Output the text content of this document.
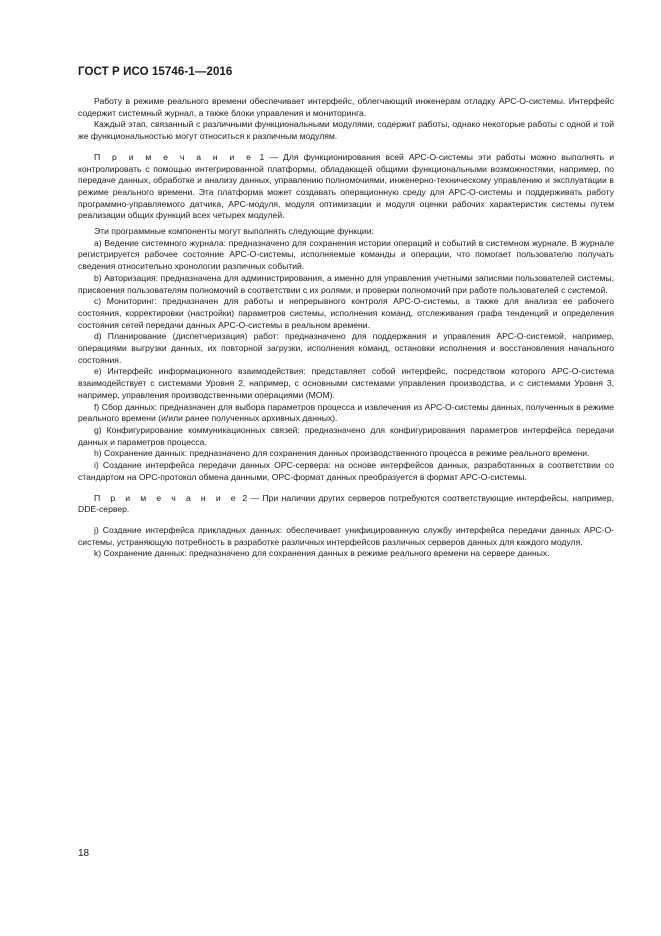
ГОСТ Р ИСО 15746-1—2016

Работу в режиме реального времени обеспечивает интерфейс, облегчающий инженерам отладку АРС-О-системы. Интерфейс содержит системный журнал, а также блоки управления и мониторинга.

Каждый этап, связанный с различными функциональными модулями, содержит работы, однако некоторые работы с одной и той же функциональностью могут относиться к различным модулям.

П р и м е ч а н и е 1 — Для функционирования всей АРС-О-системы эти работы можно выполнять и контролировать с помощью интегрированной платформы, обладающей общими функциональными возможностями, например, по передаче данных, обработке и анализу данных, управлению полномочиями, инженерно-техническому управлению и эксплуатации в режиме реального времени. Эта платформа может создавать операционную среду для АРС-О-системы и поддерживать работу программно-управляемого датчика, АРС-модуля, модуля оптимизации и модуля оценки рабочих характеристик системы путем реализации общих функций всех четырех модулей.

Эти программные компоненты могут выполнять следующие функции:

a) Ведение системного журнала: предназначено для сохранения истории операций и событий в системном журнале. В журнале регистрируется рабочее состояние АРС-О-системы, исполняемые команды и операции, что помогает пользователю получать сведения относительно хронологии различных событий.

b) Авторизация: предназначена для администрирования, а именно для управления учетными записями пользователей системы, присвоения пользователям полномочий в соответствии с их ролями, и проверки полномочий при работе пользователей с системой.

c) Мониторинг: предназначен для работы и непрерывного контроля АРС-О-системы, а также для анализа ее рабочего состояния, корректировки (настройки) параметров системы, исполнения команд, отслеживания графа тенденций и определения состояния сетей передачи данных АРС-О-системы в реальном времени.

d) Планирование (диспетчеризация) работ: предназначено для поддержания и управления АРС-О-системой, например, операциями выгрузки данных, их повторной загрузки, исполнения команд, остановки исполнения и восстановления начального состояния.

e) Интерфейс информационного взаимодействия: представляет собой интерфейс, посредством которого АРС-О-система взаимодействует с системами Уровня 2, например, с основными системами управления производства, и с системами Уровня 3, например, управления производственными операциями (МОМ).

f) Сбор данных: предназначен для выбора параметров процесса и извлечения из АРС-О-системы данных, полученных в режиме реального времени (и/или ранее полученных архивных данных).

g) Конфигурирование коммуникационных связей: предназначено для конфигурирования параметров интерфейса передачи данных и параметров процесса.

h) Сохранение данных: предназначено для сохранения данных производственного процесса в режиме реального времени.

i) Создание интерфейса передачи данных ОРС-сервера: на основе интерфейсов данных, разработанных в соответствии со стандартом на ОРС-протокол обмена данными, ОРС-формат данных преобразуется в формат АРС-О-системы.

П р и м е ч а н и е 2 — При наличии других серверов потребуются соответствующие интерфейсы, например, DDE-сервер.

j) Создание интерфейса прикладных данных: обеспечивает унифицированную службу интерфейса передачи данных АРС-О-системы, устраняющую потребность в разработке различных интерфейсов различных серверов данных для каждого модуля.

k) Сохранение данных: предназначено для сохранения данных в режиме реального времени на сервере данных.

18
